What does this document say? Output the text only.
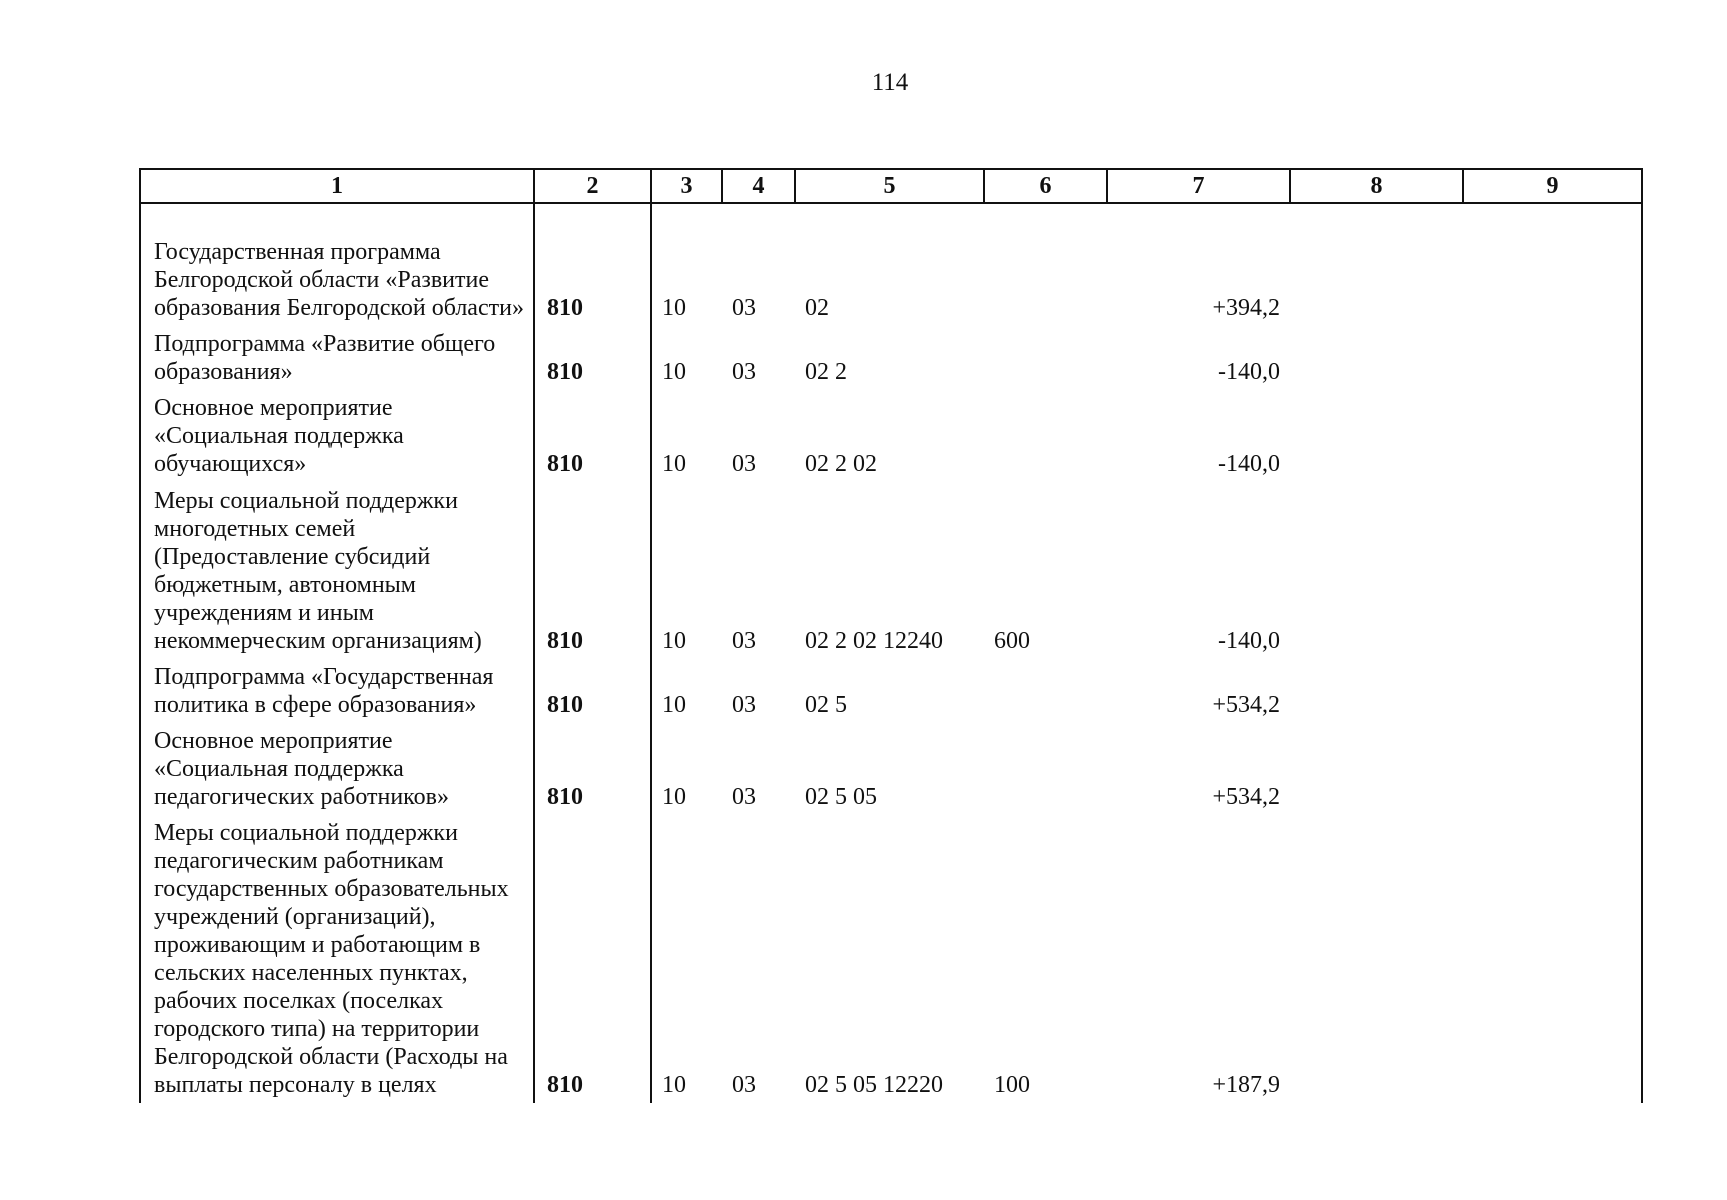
114
1	2	3	4	5	6	7	8	9
Государственная программа Белгородской области «Развитие образования Белгородской области»	810	10	03	02		+394,2		
Подпрограмма «Развитие общего образования»	810	10	03	02 2		-140,0		
Основное мероприятие «Социальная поддержка обучающихся»	810	10	03	02 2 02		-140,0		
Меры социальной поддержки многодетных семей (Предоставление субсидий бюджетным, автономным учреждениям и иным некоммерческим организациям)	810	10	03	02 2 02 12240	600	-140,0		
Подпрограмма «Государственная политика в сфере образования»	810	10	03	02 5		+534,2		
Основное мероприятие «Социальная поддержка педагогических работников»	810	10	03	02 5 05		+534,2		
Меры социальной поддержки педагогическим работникам государственных образовательных учреждений (организаций), проживающим и работающим в сельских населенных пунктах, рабочих поселках (поселках городского типа) на территории Белгородской области (Расходы на выплаты персоналу в целях	810	10	03	02 5 05 12220	100	+187,9		
